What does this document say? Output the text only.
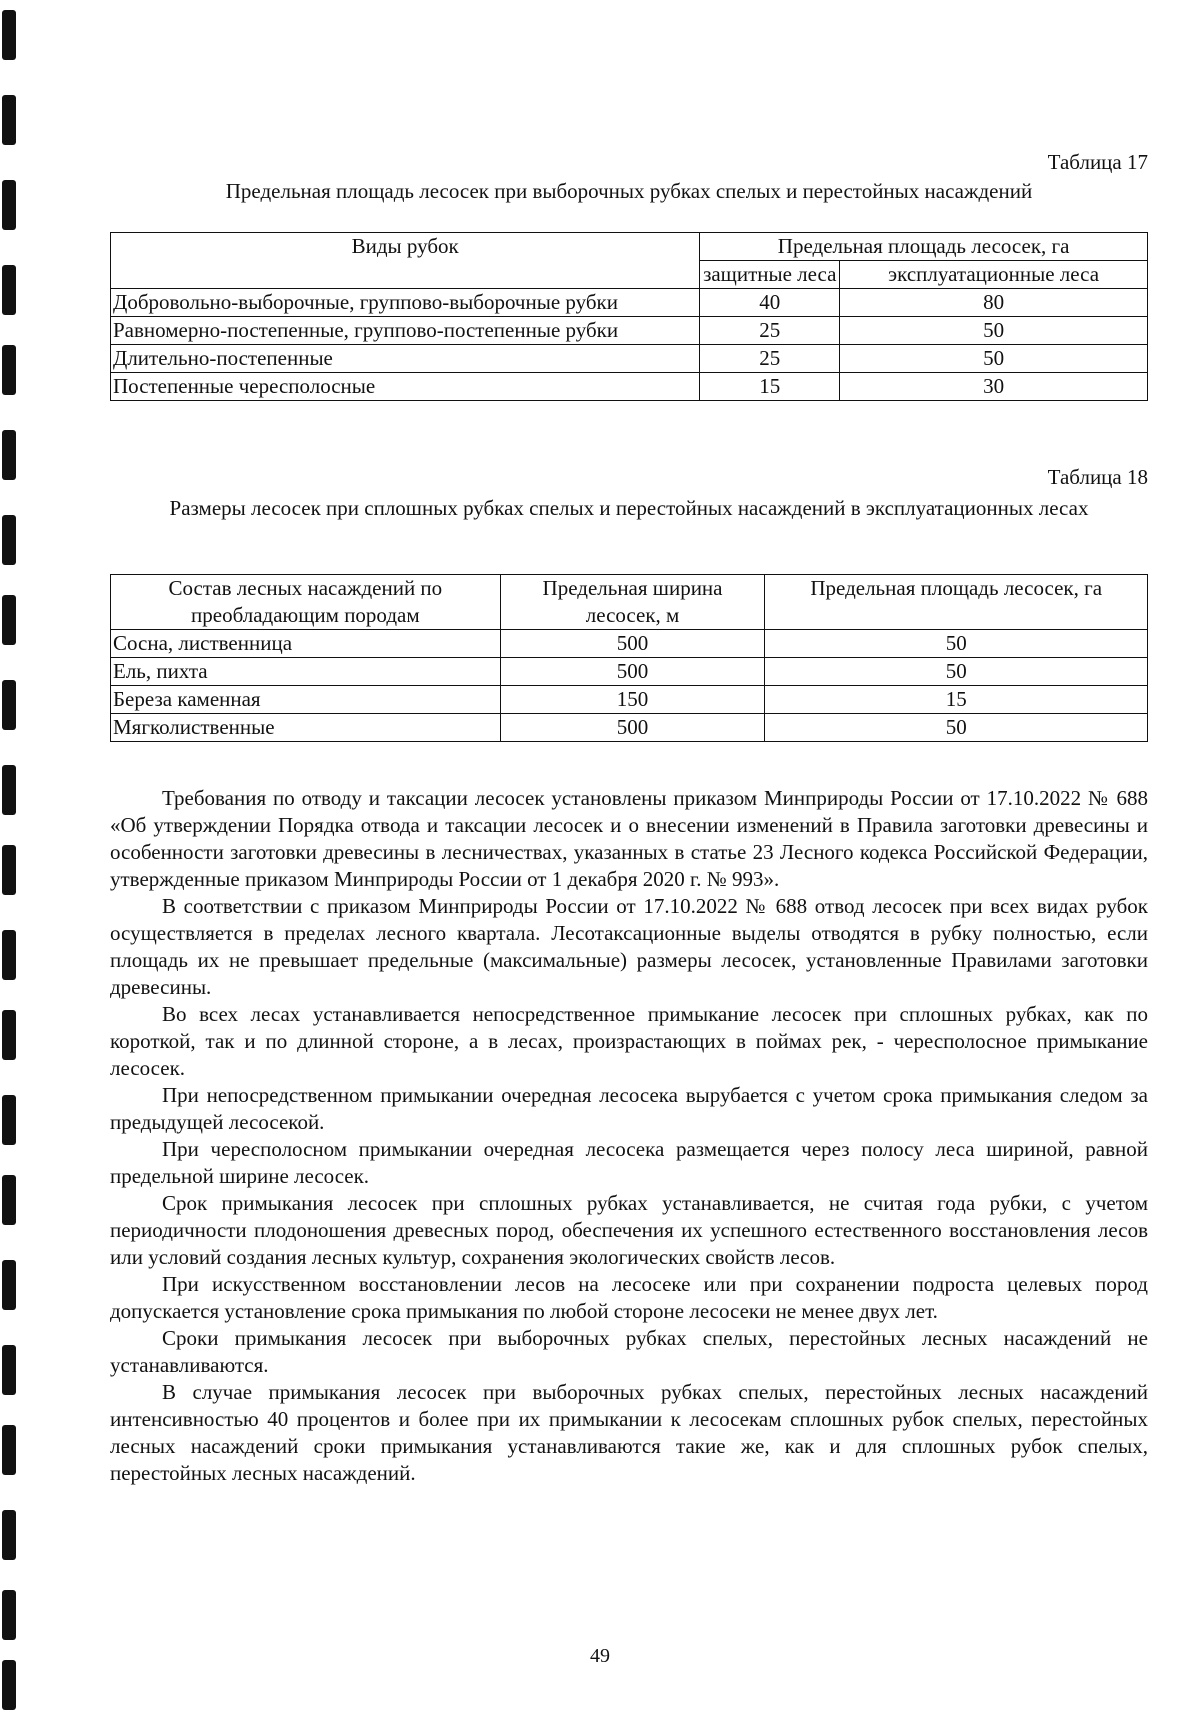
Таблица 17
Предельная площадь лесосек при выборочных рубках спелых и перестойных насаждений
Виды рубок	Предельная площадь лесосек, га	
	защитные леса	эксплуатационные леса
Добровольно-выборочные, группово-выборочные рубки	40	80
Равномерно-постепенные, группово-постепенные рубки	25	50
Длительно-постепенные	25	50
Постепенные чересполосные	15	30
Таблица 18
Размеры лесосек при сплошных рубках спелых и перестойных насаждений в эксплуатационных лесах
Состав лесных насаждений по преобладающим породам	Предельная ширина лесосек, м	Предельная площадь лесосек, га
Сосна, лиственница	500	50
Ель, пихта	500	50
Береза каменная	150	15
Мягколиственные	500	50

Требования по отводу и таксации лесосек установлены приказом Минприроды России от 17.10.2022 № 688 «Об утверждении Порядка отвода и таксации лесосек и о внесении изменений в Правила заготовки древесины и особенности заготовки древесины в лесничествах, указанных в статье 23 Лесного кодекса Российской Федерации, утвержденные приказом Минприроды России от 1 декабря 2020 г. № 993».

В соответствии с приказом Минприроды России от 17.10.2022 № 688 отвод лесосек при всех видах рубок осуществляется в пределах лесного квартала. Лесотаксационные выделы отводятся в рубку полностью, если площадь их не превышает предельные (максимальные) размеры лесосек, установленные Правилами заготовки древесины.

Во всех лесах устанавливается непосредственное примыкание лесосек при сплошных рубках, как по короткой, так и по длинной стороне, а в лесах, произрастающих в поймах рек, - чересполосное примыкание лесосек.

При непосредственном примыкании очередная лесосека вырубается с учетом срока примыкания следом за предыдущей лесосекой.

При чересполосном примыкании очередная лесосека размещается через полосу леса шириной, равной предельной ширине лесосек.

Срок примыкания лесосек при сплошных рубках устанавливается, не считая года рубки, с учетом периодичности плодоношения древесных пород, обеспечения их успешного естественного восстановления лесов или условий создания лесных культур, сохранения экологических свойств лесов.

При искусственном восстановлении лесов на лесосеке или при сохранении подроста целевых пород допускается установление срока примыкания по любой стороне лесосеки не менее двух лет.

Сроки примыкания лесосек при выборочных рубках спелых, перестойных лесных насаждений не устанавливаются.

В случае примыкания лесосек при выборочных рубках спелых, перестойных лесных насаждений интенсивностью 40 процентов и более при их примыкании к лесосекам сплошных рубок спелых, перестойных лесных насаждений сроки примыкания устанавливаются такие же, как и для сплошных рубок спелых, перестойных лесных насаждений.

49
